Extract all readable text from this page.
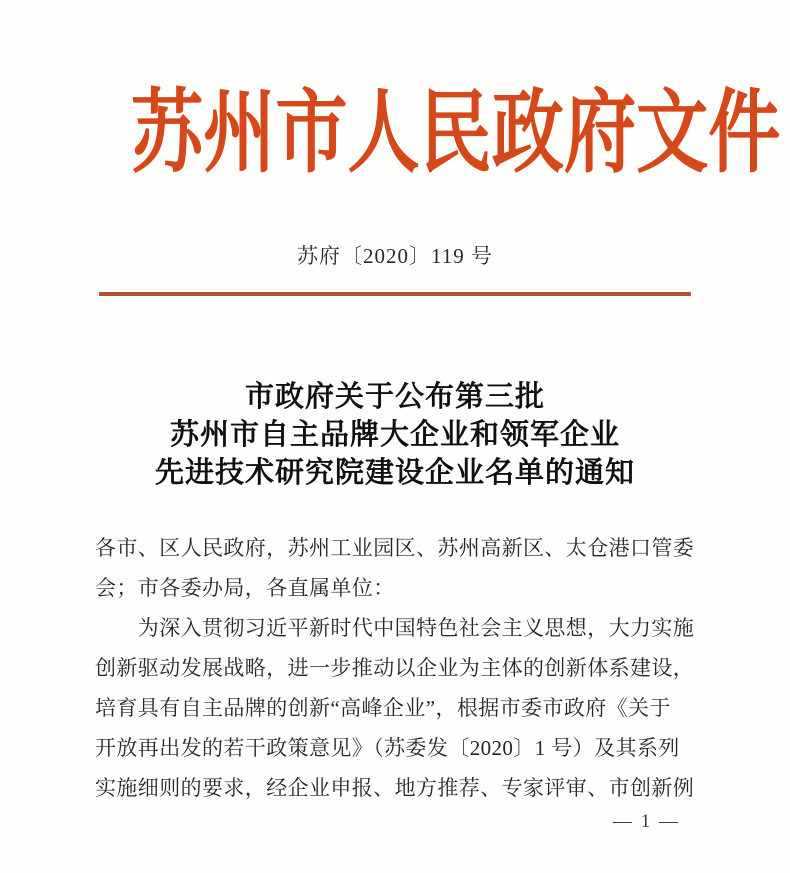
苏州市人民政府文件
苏府〔2020〕119 号
市政府关于公布第三批
苏州市自主品牌大企业和领军企业
先进技术研究院建设企业名单的通知
各市、区人民政府，苏州工业园区、苏州高新区、太仓港口管委
会；市各委办局，各直属单位：
　　为深入贯彻习近平新时代中国特色社会主义思想，大力实施
创新驱动发展战略，进一步推动以企业为主体的创新体系建设，
培育具有自主品牌的创新“高峰企业”，根据市委市政府《关于
开放再出发的若干政策意见》（苏委发〔2020〕1 号）及其系列
实施细则的要求，经企业申报、地方推荐、专家评审、市创新例
— 1 —
